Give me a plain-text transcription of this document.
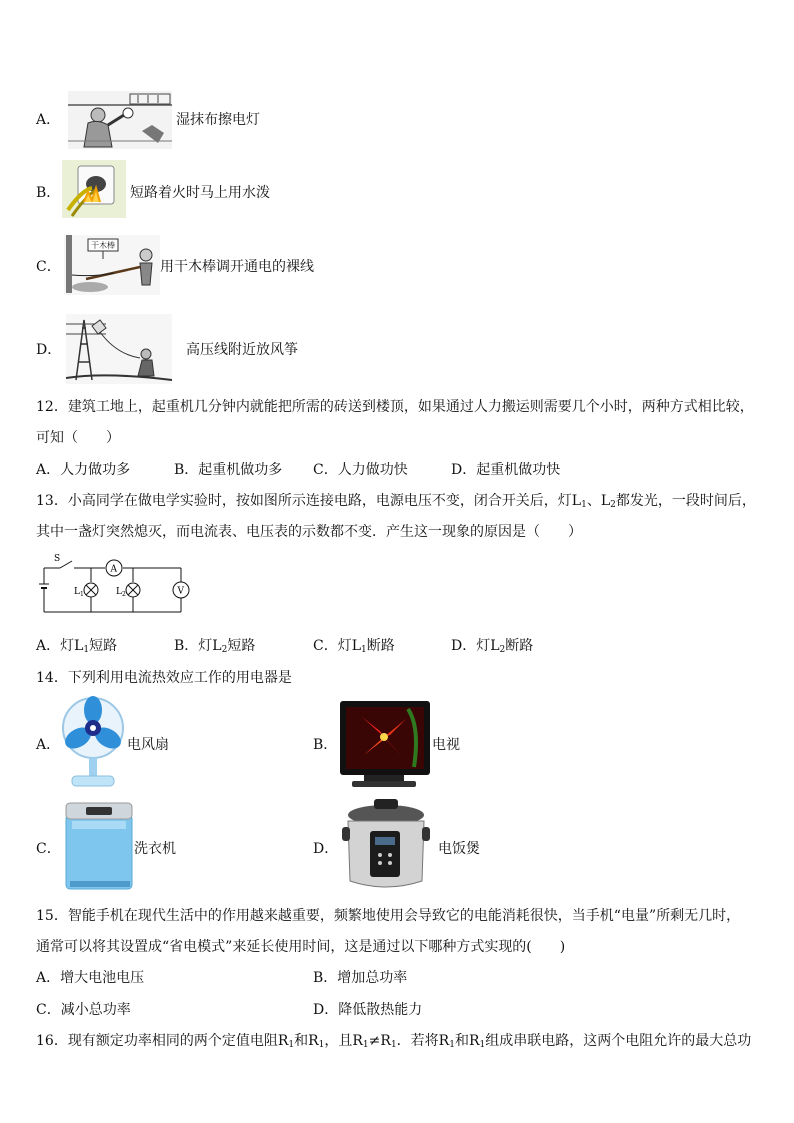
A．	湿抹布擦电灯
B．	短路着火时马上用水泼
C．
干木棒
用干木棒调开通电的裸线
D．	高压线附近放风筝
12．建筑工地上，起重机几分钟内就能把所需的砖送到楼顶，如果通过人力搬运则需要几个小时，两种方式相比较，
可知（　　）
A．人力做功多	B．起重机做功多 C．人力做功快	D．起重机做功快
13．小高同学在做电学实验时，按如图所示连接电路，电源电压不变，闭合开关后，灯$L_1$、$L_2$都发光，一段时间后，
其中一盏灯突然熄灭，而电流表、电压表的示数都不变．产生这一现象的原因是（　　）
S
A
$L_1$	$L_2$	V
A．灯$L_1$短路	B．灯$L_2$短路	C．灯$L_1$断路	D．灯$L_2$断路
14．下列利用电流热效应工作的用电器是
A．	电风扇	B．	电视
C．	洗衣机	D．	电饭煲
15．智能手机在现代生活中的作用越来越重要，频繁地使用会导致它的电能消耗很快，当手机“电量”所剩无几时，
通常可以将其设置成“省电模式”来延长使用时间，这是通过以下哪种方式实现的(　　)
A．增大电池电压	B．增加总功率
C．减小总功率	D．降低散热能力
16．现有额定功率相同的两个定值电阻$R_1$和$R_1$，且$R_1\ne R_1$．若将$R_1$和$R_1$组成串联电路，这两个电阻允许的最大总功
